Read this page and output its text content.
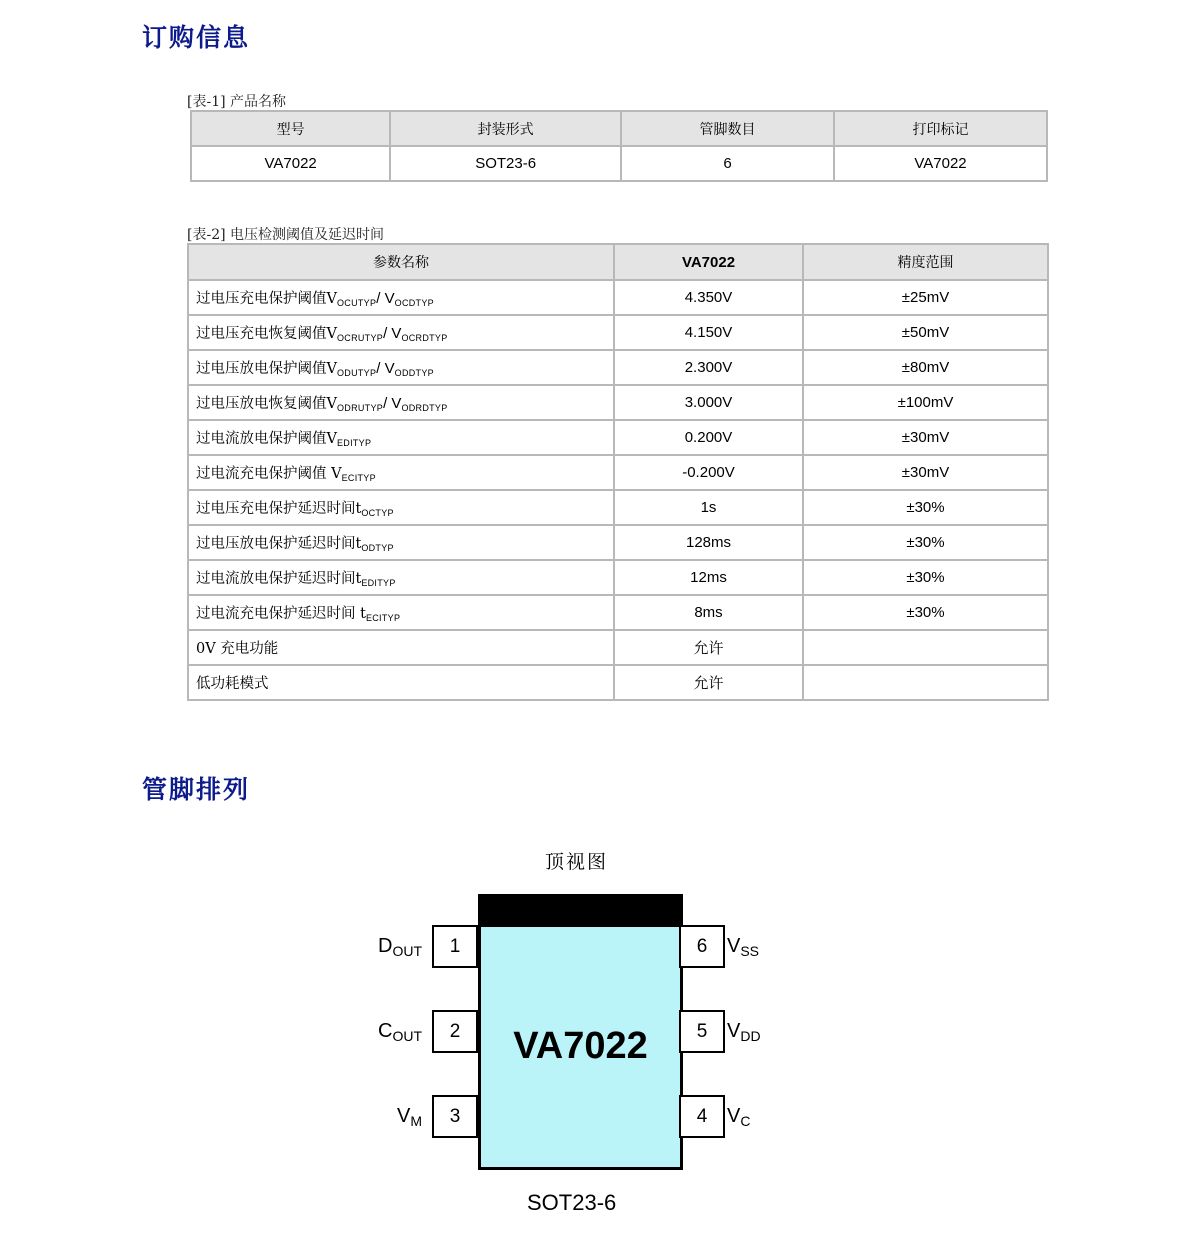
订购信息
[表-1] 产品名称
型号	封装形式	管脚数目	打印标记
VA7022	SOT23-6	6	VA7022
[表-2] 电压检测阈值及延迟时间
参数名称	VA7022	精度范围
过电压充电保护阈值$V_{OCUTYP}/$ $V_{OCDTYP}$	4.350V	±25mV
过电压充电恢复阈值$V_{OCRUTYP}/$ $V_{OCRDTYP}$	4.150V	±50mV
过电压放电保护阈值$V_{ODUTYP}/$ $V_{ODDTYP}$	2.300V	±80mV
过电压放电恢复阈值$V_{ODRUTYP}/$ $V_{ODRDTYP}$	3.000V	±100mV
过电流放电保护阈值$V_{EDITYP}$	0.200V	±30mV
过电流充电保护阈值 $V_{ECITYP}$	-0.200V	±30mV
过电压充电保护延迟时间$t_{OCTYP}$	1s	±30%
过电压放电保护延迟时间$t_{ODTYP}$	128ms	±30%
过电流放电保护延迟时间$t_{EDITYP}$	12ms	±30%
过电流充电保护延迟时间 $t_{ECITYP}$	8ms	±30%
0V 充电功能	允许	
低功耗模式	允许	
管脚排列
顶视图
VA7022
1
$D_{OUT}$
2
$C_{OUT}$
3
$V_M$
6 $V_{SS}$
5 $V_{DD}$
4 $V_C$
SOT23-6
